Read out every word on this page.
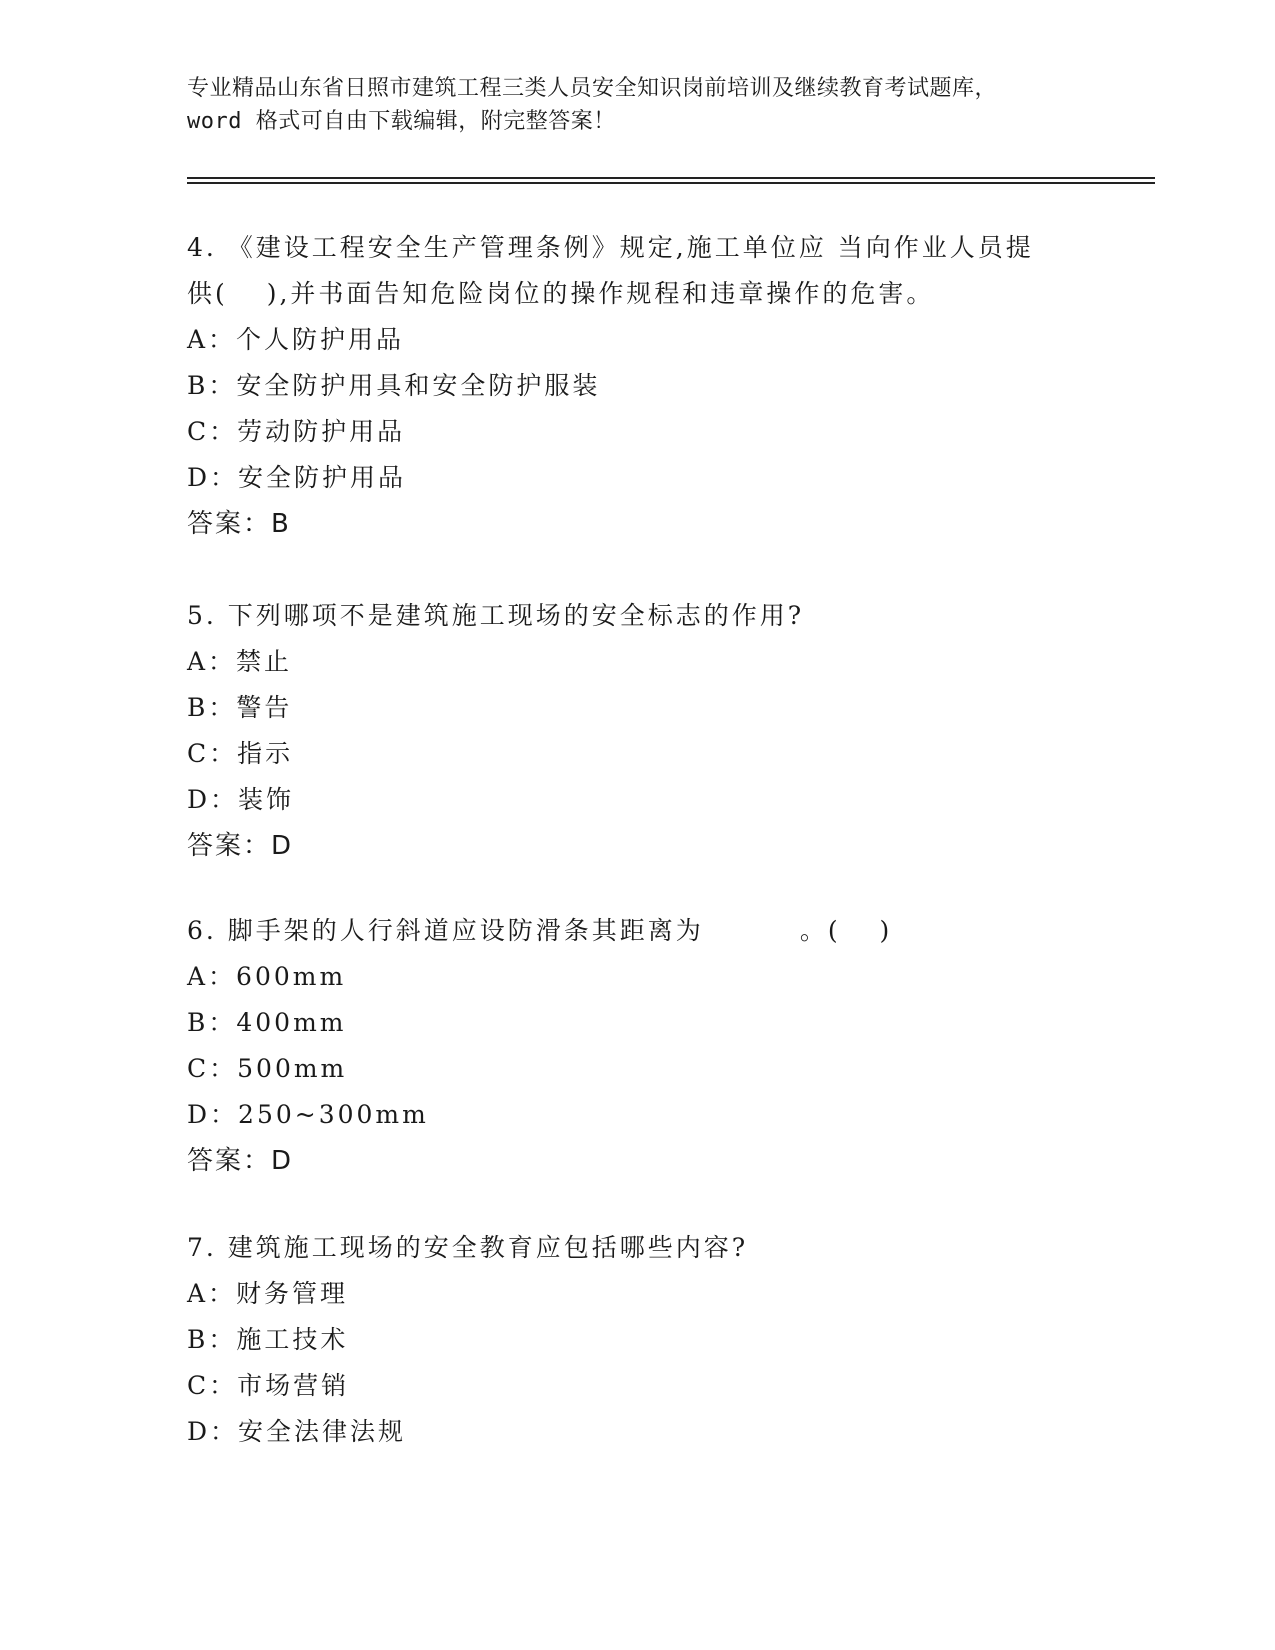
专业精品山东省日照市建筑工程三类人员安全知识岗前培训及继续教育考试题库，
word 格式可自由下载编辑，附完整答案！
4. 《建设工程安全生产管理条例》规定,施工单位应 当向作业人员提
供(　 ),并书面告知危险岗位的操作规程和违章操作的危害。
A：个人防护用品
B：安全防护用具和安全防护服装
C：劳动防护用品
D：安全防护用品
答案：B
5. 下列哪项不是建筑施工现场的安全标志的作用?
A：禁止
B：警告
C：指示
D：装饰
答案：D
6. 脚手架的人行斜道应设防滑条其距离为	。(　 )
A：600mm
B：400mm
C：500mm
D：250~300mm
答案：D
7. 建筑施工现场的安全教育应包括哪些内容?
A：财务管理
B：施工技术
C：市场营销
D：安全法律法规
